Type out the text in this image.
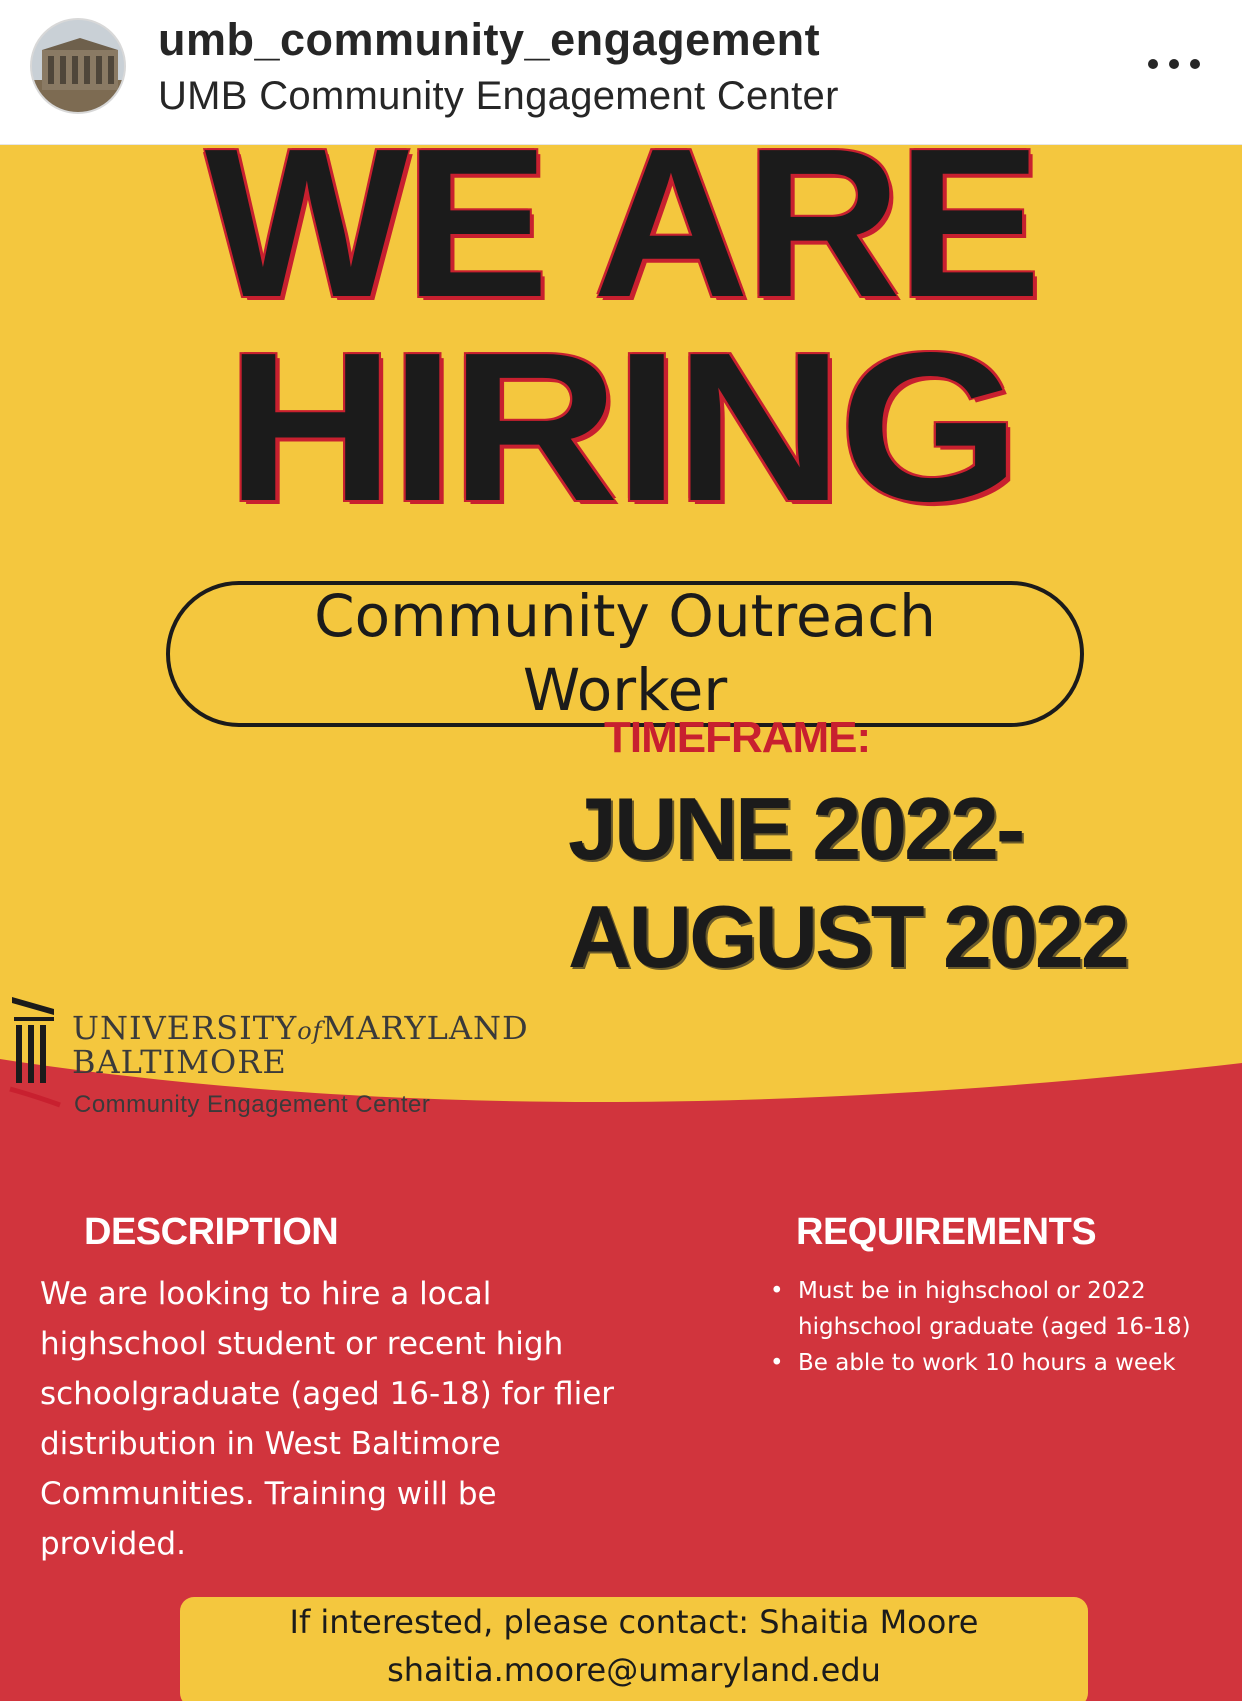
umb_community_engagement
UMB Community Engagement Center
WE ARE
HIRING
Community Outreach
Worker
TIMEFRAME:
JUNE 2022-
AUGUST 2022
UNIVERSITYofMARYLAND
BALTIMORE
Community Engagement Center
DESCRIPTION
We are looking to hire a local highschool student or recent high schoolgraduate (aged 16-18) for flier distribution in West Baltimore Communities. Training will be provided.
REQUIREMENTS
• Must be in highschool or 2022 highschool graduate (aged 16-18)
• Be able to work 10 hours a week
If interested, please contact: Shaitia Moore
shaitia.moore@umaryland.edu
